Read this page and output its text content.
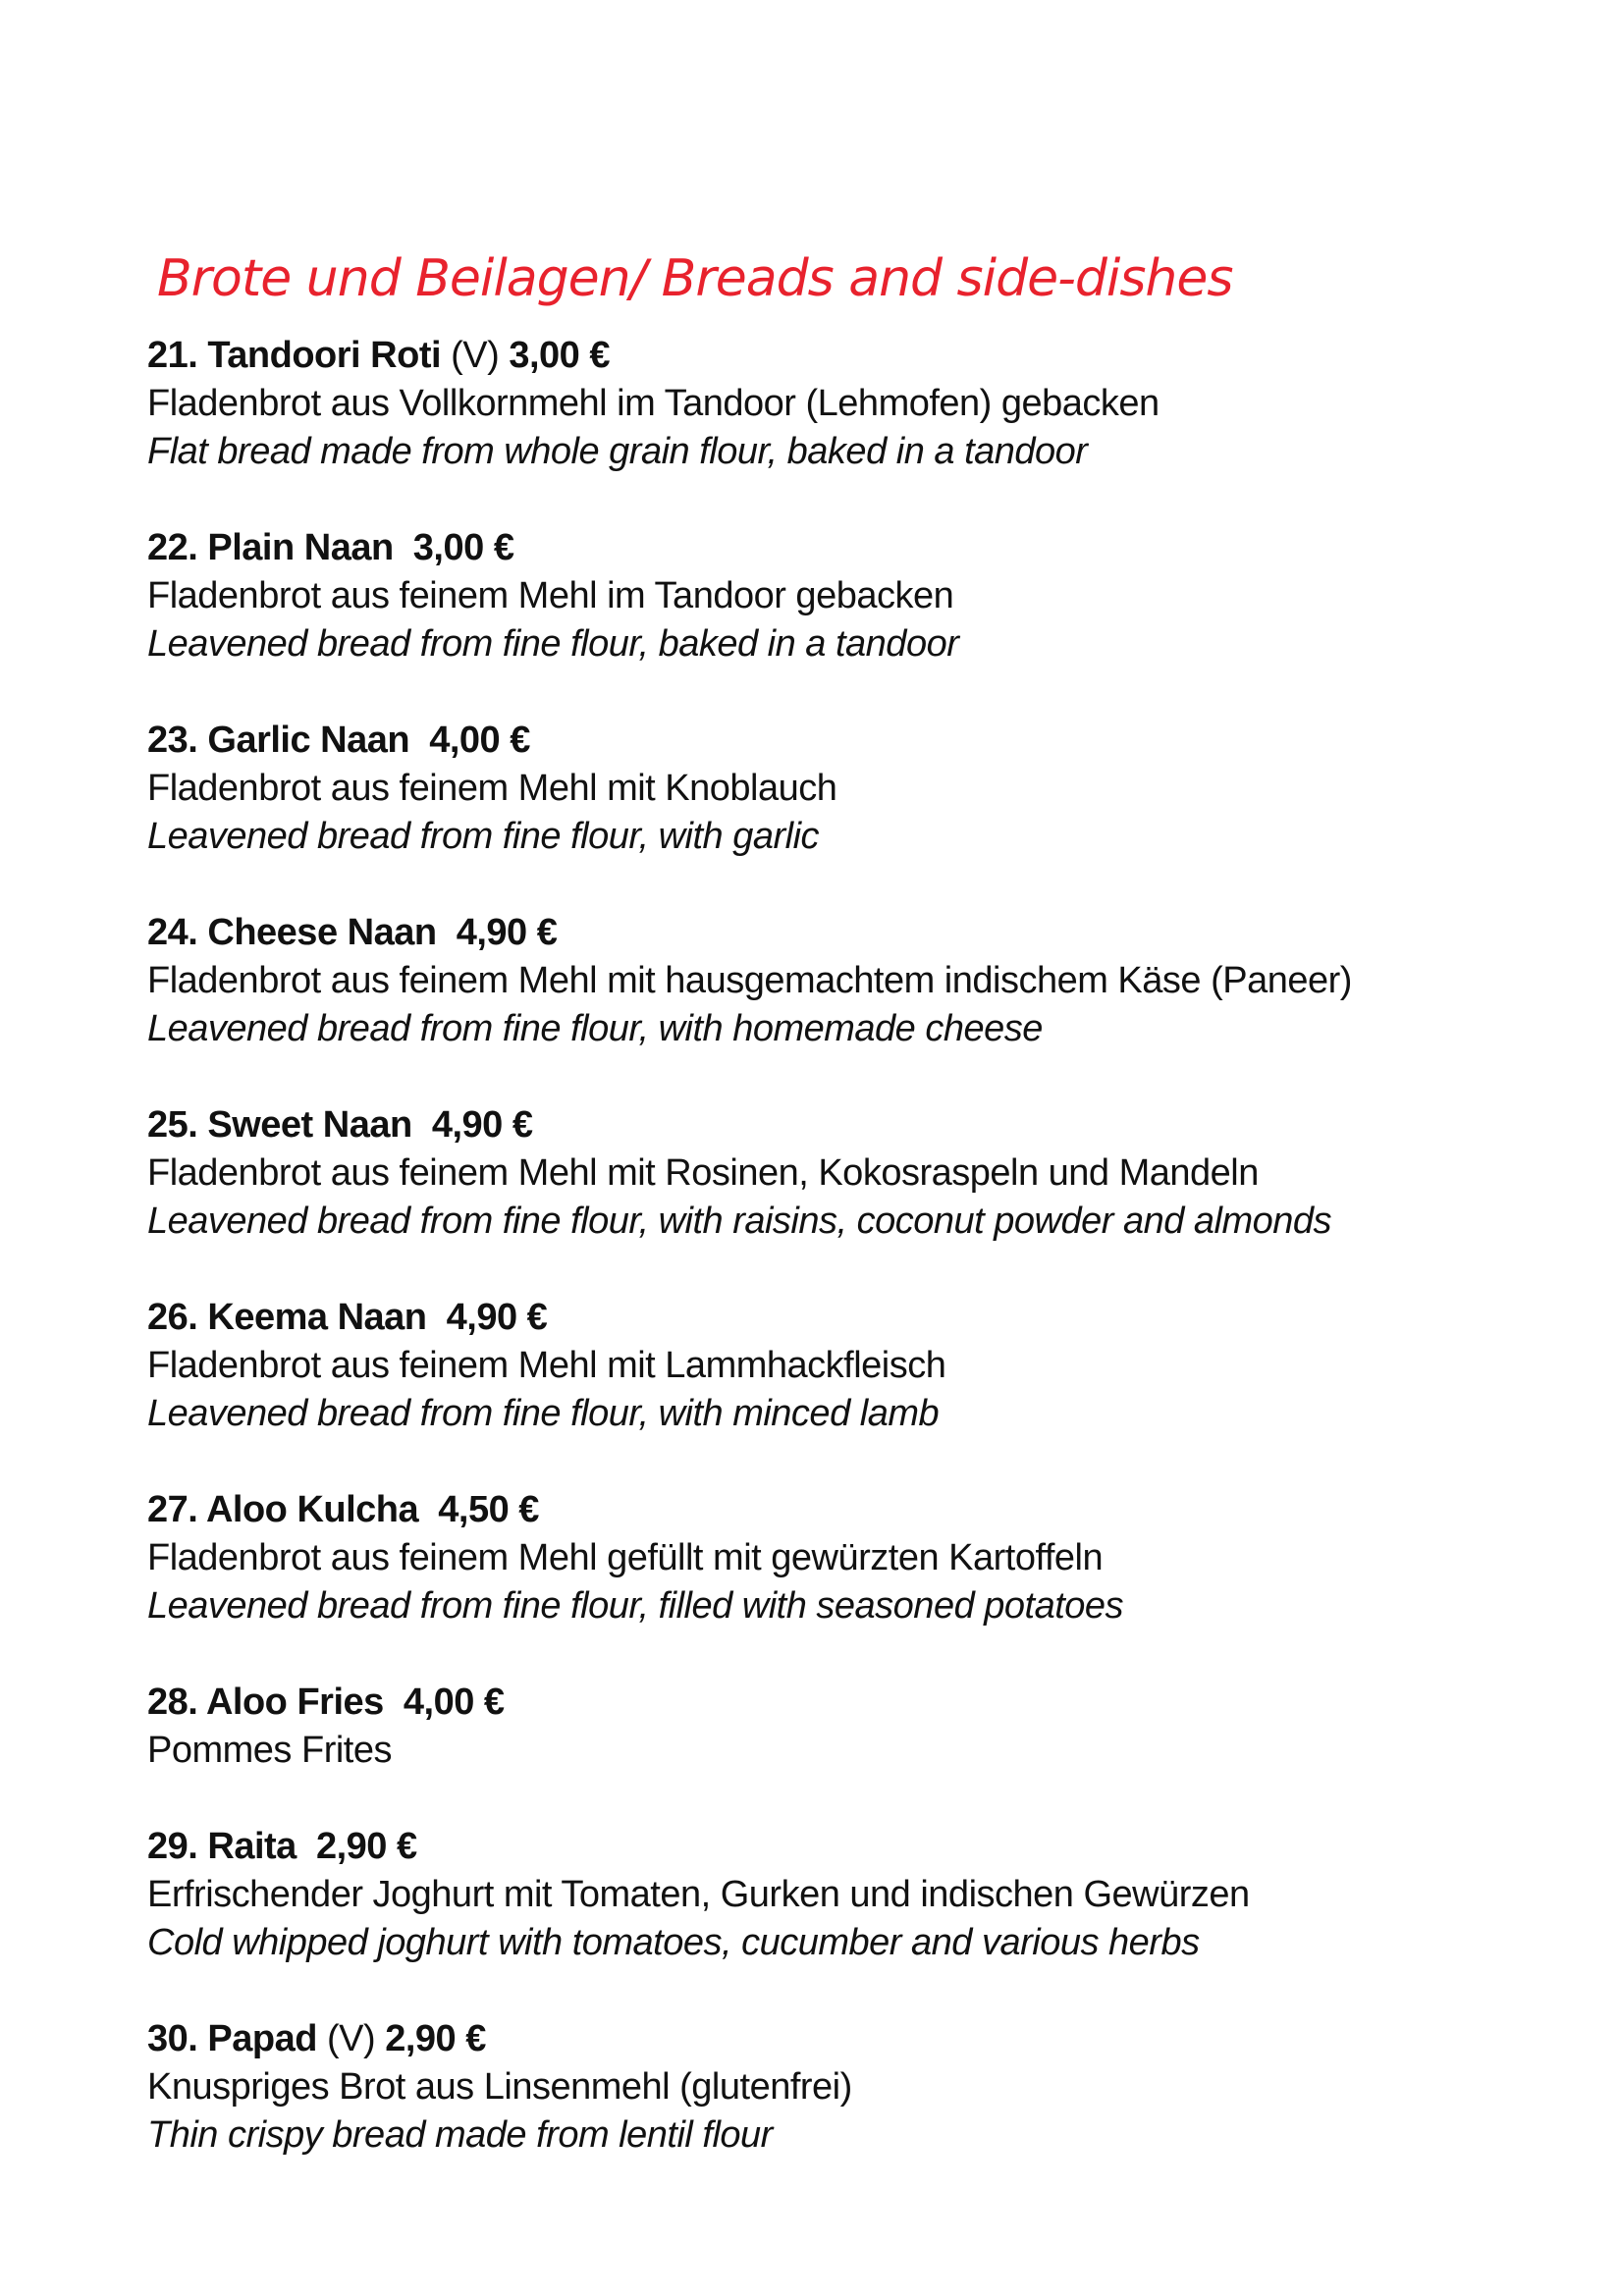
Brote und Beilagen/ Breads and side-dishes

21. Tandoori Roti (V) 3,00 €

Fladenbrot aus Vollkornmehl im Tandoor (Lehmofen) gebacken

Flat bread made from whole grain flour, baked in a tandoor

22. Plain Naan 3,00 €

Fladenbrot aus feinem Mehl im Tandoor gebacken

Leavened bread from fine flour, baked in a tandoor

23. Garlic Naan 4,00 €

Fladenbrot aus feinem Mehl mit Knoblauch

Leavened bread from fine flour, with garlic

24. Cheese Naan 4,90 €

Fladenbrot aus feinem Mehl mit hausgemachtem indischem Käse (Paneer)

Leavened bread from fine flour, with homemade cheese

25. Sweet Naan 4,90 €

Fladenbrot aus feinem Mehl mit Rosinen, Kokosraspeln und Mandeln

Leavened bread from fine flour, with raisins, coconut powder and almonds

26. Keema Naan 4,90 €

Fladenbrot aus feinem Mehl mit Lammhackfleisch

Leavened bread from fine flour, with minced lamb

27. Aloo Kulcha 4,50 €

Fladenbrot aus feinem Mehl gefüllt mit gewürzten Kartoffeln

Leavened bread from fine flour, filled with seasoned potatoes

28. Aloo Fries 4,00 €

Pommes Frites

29. Raita 2,90 €

Erfrischender Joghurt mit Tomaten, Gurken und indischen Gewürzen

Cold whipped joghurt with tomatoes, cucumber and various herbs

30. Papad (V) 2,90 €

Knuspriges Brot aus Linsenmehl (glutenfrei)

Thin crispy bread made from lentil flour
